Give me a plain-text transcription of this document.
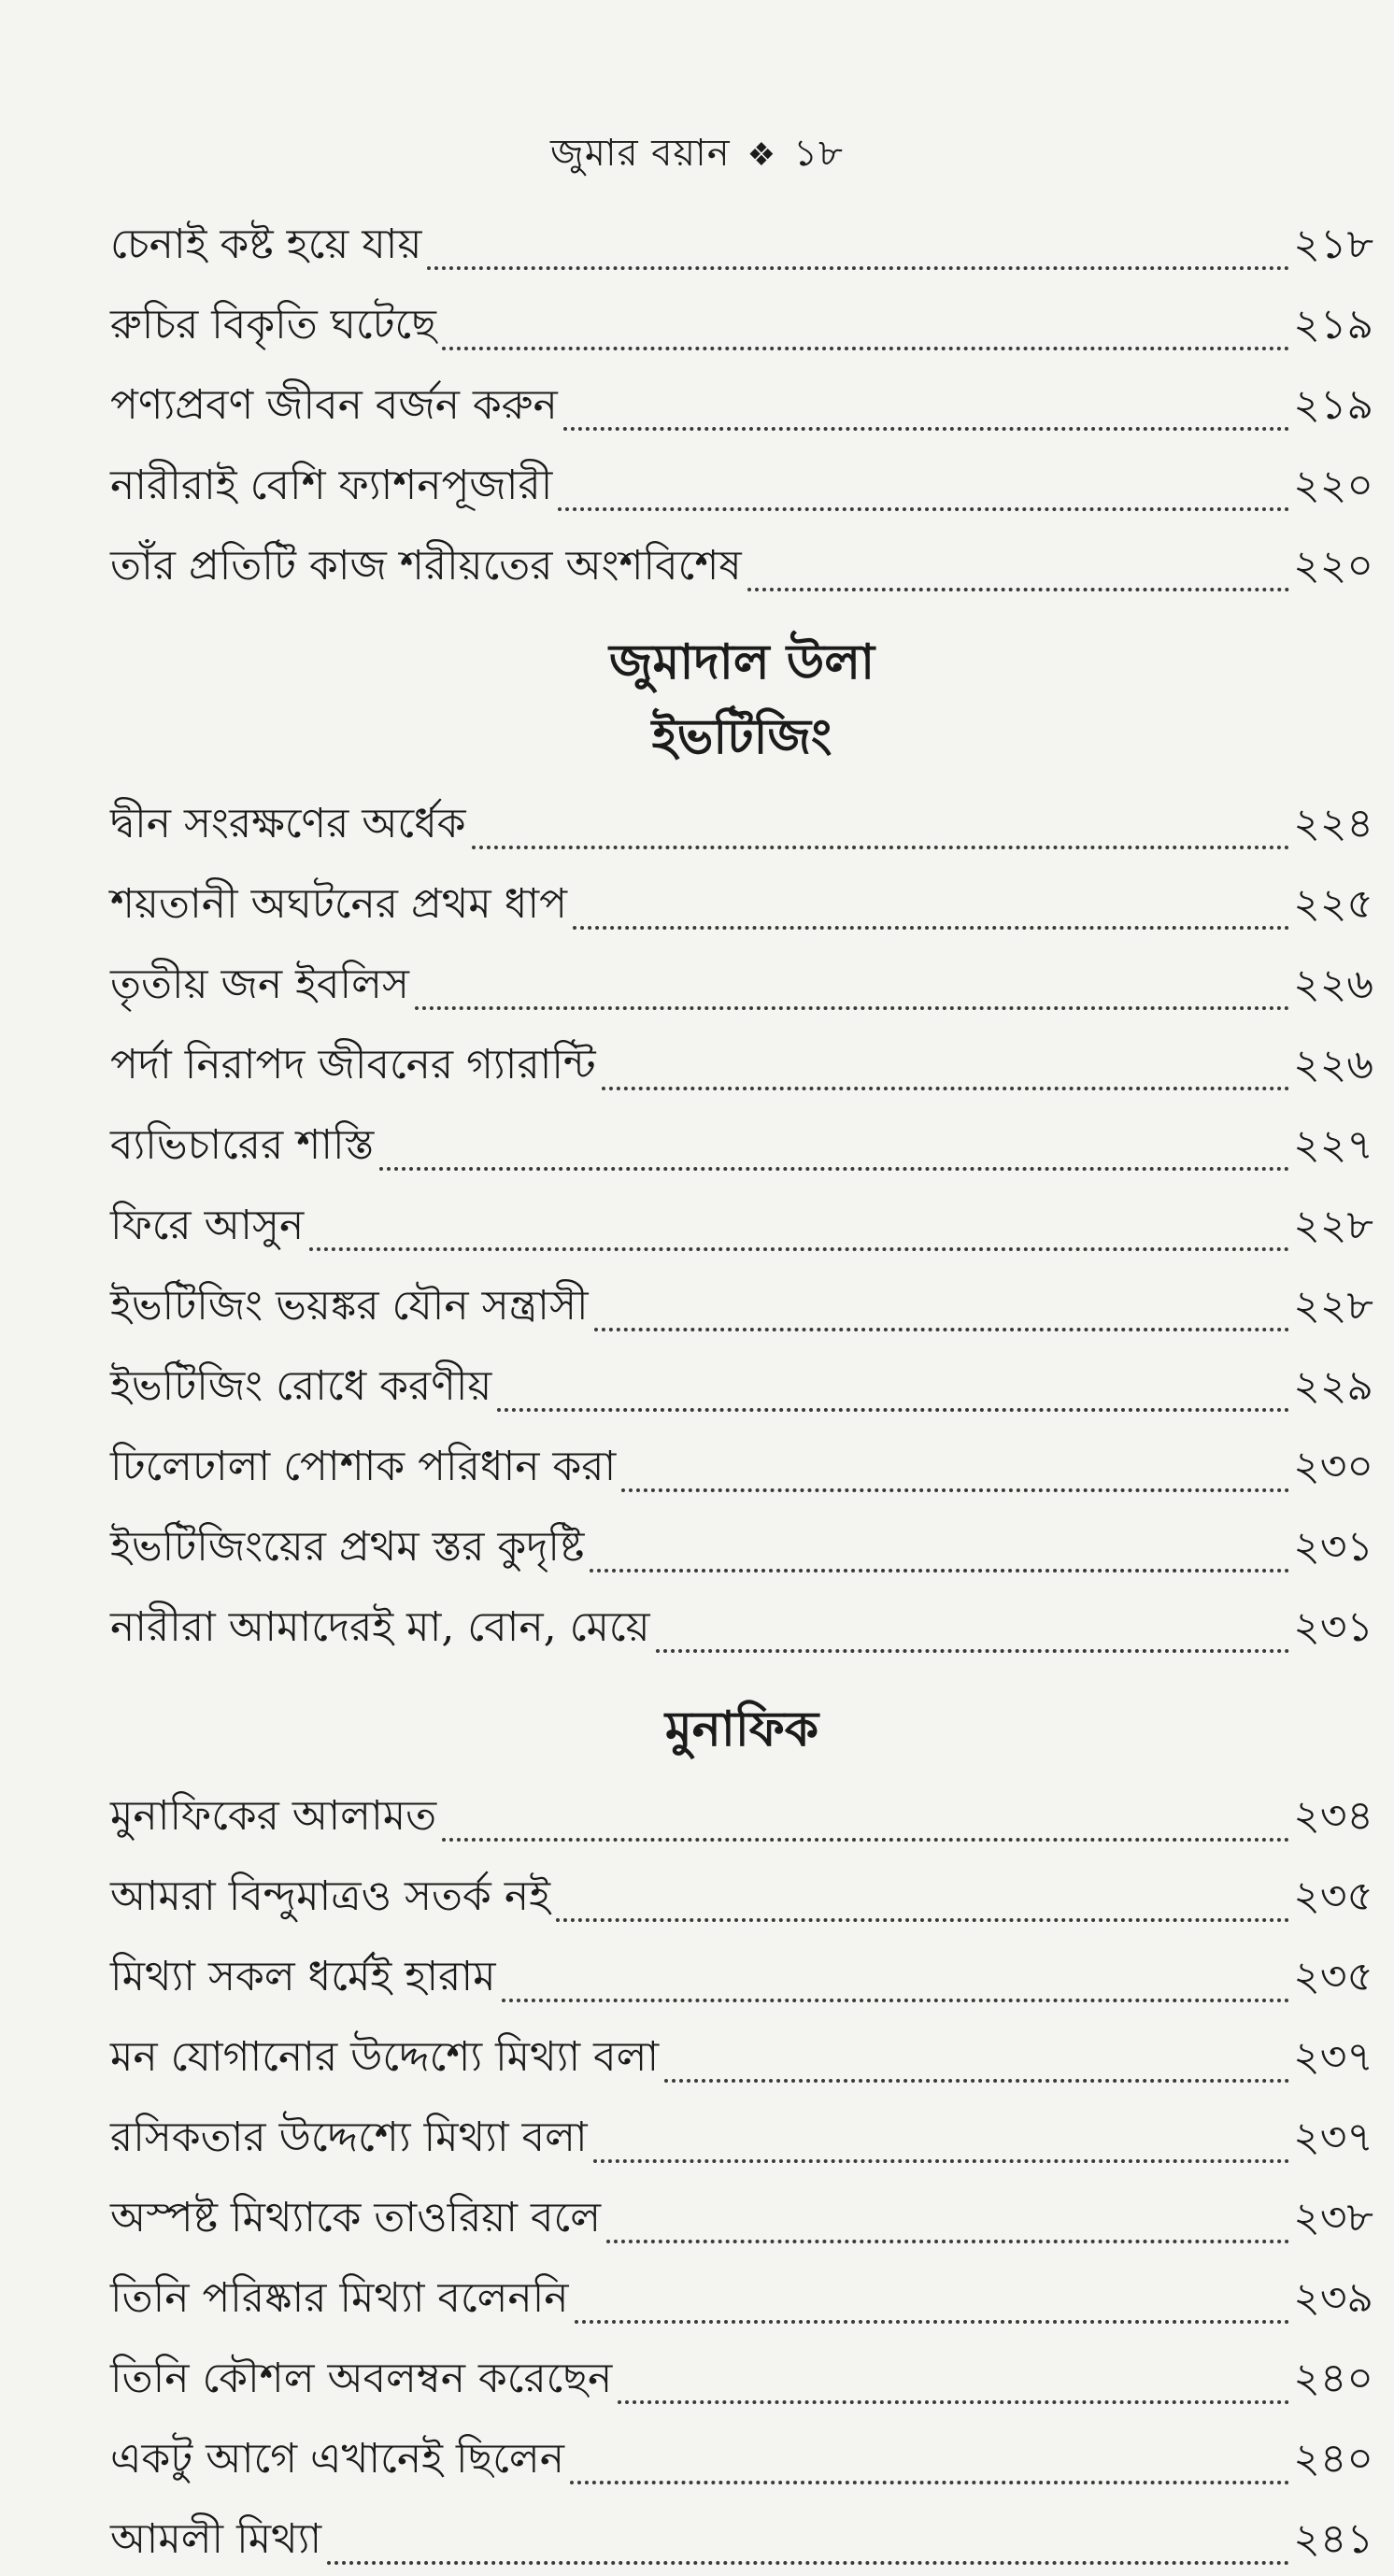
জুমার বয়ান ❖ ১৮
চেনাই কষ্ট হয়ে যায়	২১৮
রুচির বিকৃতি ঘটেছে	২১৯
পণ্যপ্রবণ জীবন বর্জন করুন	২১৯
নারীরাই বেশি ফ্যাশনপূজারী	২২০
তাঁর প্রতিটি কাজ শরীয়তের অংশবিশেষ	২২০
জুমাদাল উলা
ইভটিজিং
দ্বীন সংরক্ষণের অর্ধেক	২২৪
শয়তানী অঘটনের প্রথম ধাপ	২২৫
তৃতীয় জন ইবলিস	২২৬
পর্দা নিরাপদ জীবনের গ্যারান্টি	২২৬
ব্যভিচারের শাস্তি	২২৭
ফিরে আসুন	২২৮
ইভটিজিং ভয়ঙ্কর যৌন সন্ত্রাসী	২২৮
ইভটিজিং রোধে করণীয়	২২৯
ঢিলেঢালা পোশাক পরিধান করা	২৩০
ইভটিজিংয়ের প্রথম স্তর কুদৃষ্টি	২৩১
নারীরা আমাদেরই মা, বোন, মেয়ে	২৩১
মুনাফিক
মুনাফিকের আলামত	২৩৪
আমরা বিন্দুমাত্রও সতর্ক নই	২৩৫
মিথ্যা সকল ধর্মেই হারাম	২৩৫
মন যোগানোর উদ্দেশ্যে মিথ্যা বলা	২৩৭
রসিকতার উদ্দেশ্যে মিথ্যা বলা	২৩৭
অস্পষ্ট মিথ্যাকে তাওরিয়া বলে	২৩৮
তিনি পরিষ্কার মিথ্যা বলেননি	২৩৯
তিনি কৌশল অবলম্বন করেছেন	২৪০
একটু আগে এখানেই ছিলেন	২৪০
আমলী মিথ্যা	২৪১
